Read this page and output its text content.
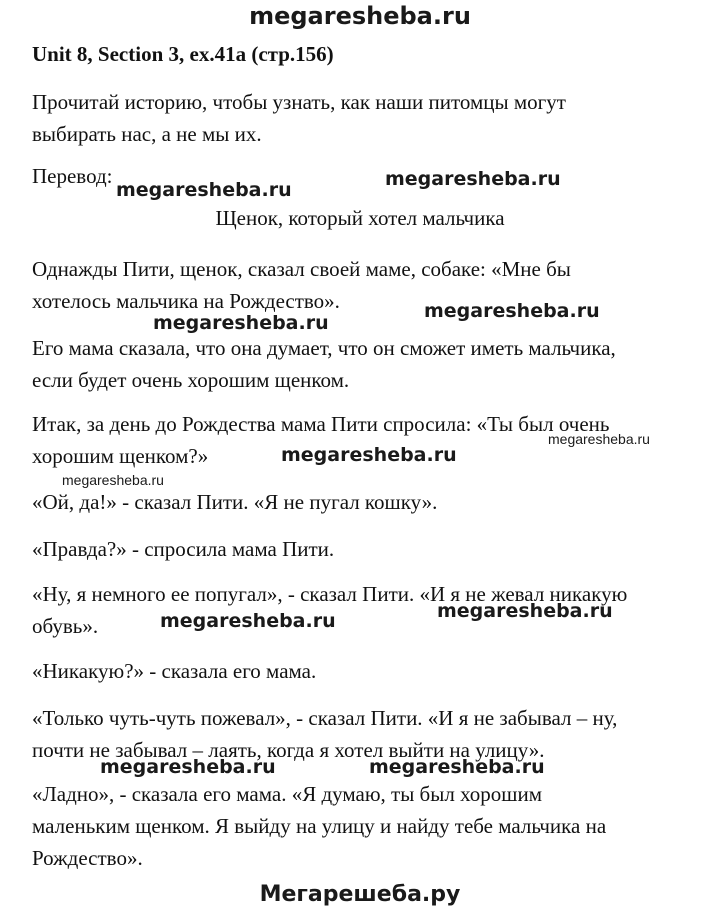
megaresheba.ru
Unit 8, Section 3, ex.41a (стр.156)
Прочитай историю, чтобы узнать, как наши питомцы могут
выбирать нас, а не мы их.
Перевод:
Щенок, который хотел мальчика
Однажды Пити, щенок, сказал своей маме, собаке: «Мне бы
хотелось мальчика на Рождество».
Его мама сказала, что она думает, что он сможет иметь мальчика,
если будет очень хорошим щенком.
Итак, за день до Рождества мама Пити спросила: «Ты был очень
хорошим щенком?»
«Ой, да!» - сказал Пити. «Я не пугал кошку».
«Правда?» - спросила мама Пити.
«Ну, я немного ее попугал», - сказал Пити. «И я не жевал никакую
обувь».
«Никакую?» - сказала его мама.
«Только чуть-чуть пожевал», - сказал Пити. «И я не забывал – ну,
почти не забывал – лаять, когда я хотел выйти на улицу».
«Ладно», - сказала его мама. «Я думаю, ты был хорошим
маленьким щенком. Я выйду на улицу и найду тебе мальчика на
Рождество».
megaresheba.ru	megaresheba.ru
megaresheba.ru
megaresheba.ru
megaresheba.ru
megaresheba.ru
megaresheba.ru
megaresheba.ru
megaresheba.ru
megaresheba.ru	megaresheba.ru
Мегарешеба.ру
